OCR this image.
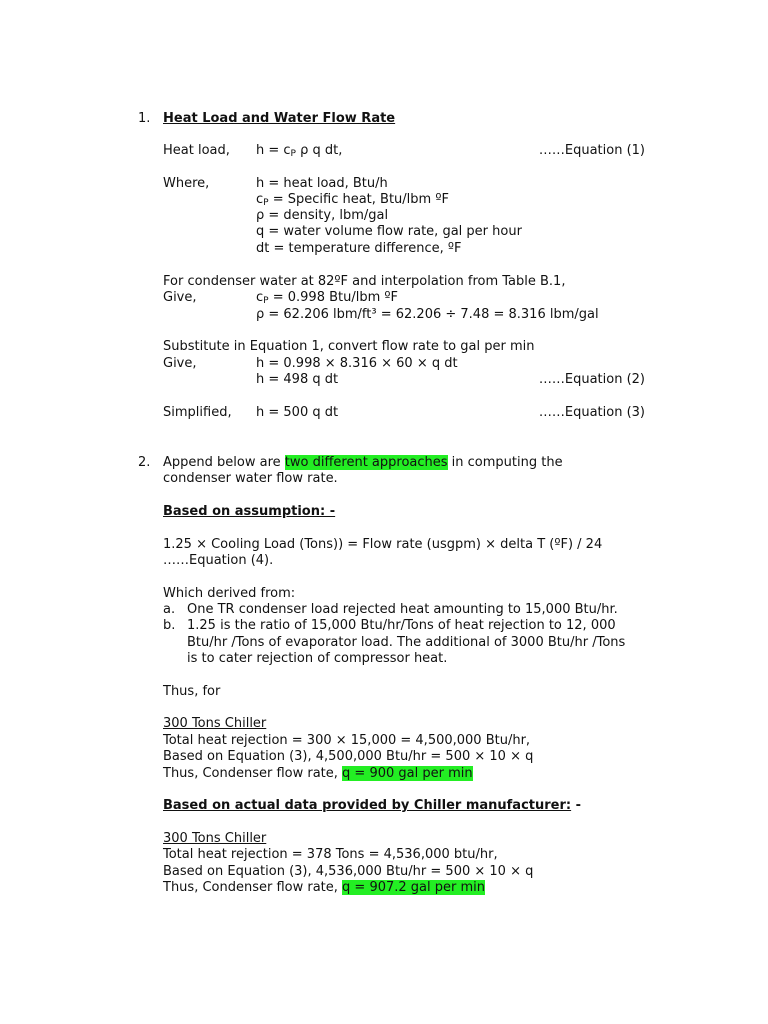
1. Heat Load and Water Flow Rate
Heat load, $h = c_P$ ρ q dt,	……Equation (1)
Where,	h = heat load, Btu/h
$c_P$ = Specific heat, Btu/lbm ºF
ρ = density, lbm/gal
q = water volume flow rate, gal per hour
dt = temperature difference, ºF
For condenser water at 82ºF and interpolation from Table B.1,
Give,	$c_P = 0.998$ Btu/lbm ºF
ρ = 62.206 lbm/ft³ = 62.206 ÷ 7.48 = 8.316 lbm/gal
Substitute in Equation 1, convert flow rate to gal per min
Give,	h = 0.998 × 8.316 × 60 × q dt
h = 498 q dt	……Equation (2)
Simplified, h = 500 q dt	……Equation (3)
2. Append below are two different approaches in computing the
condenser water flow rate.
Based on assumption: -
1.25 × Cooling Load (Tons)) = Flow rate (usgpm) × delta T (ºF) / 24
……Equation (4).
Which derived from:
a. One TR condenser load rejected heat amounting to 15,000 Btu/hr.
b. 1.25 is the ratio of 15,000 Btu/hr/Tons of heat rejection to 12, 000
Btu/hr /Tons of evaporator load. The additional of 3000 Btu/hr /Tons
is to cater rejection of compressor heat.
Thus, for
300 Tons Chiller
Total heat rejection = 300 × 15,000 = 4,500,000 Btu/hr,
Based on Equation (3), 4,500,000 Btu/hr = 500 × 10 × q
Thus, Condenser flow rate, q = 900 gal per min
Based on actual data provided by Chiller manufacturer: -
300 Tons Chiller
Total heat rejection = 378 Tons = 4,536,000 btu/hr,
Based on Equation (3), 4,536,000 Btu/hr = 500 × 10 × q
Thus, Condenser flow rate, q = 907.2 gal per min
